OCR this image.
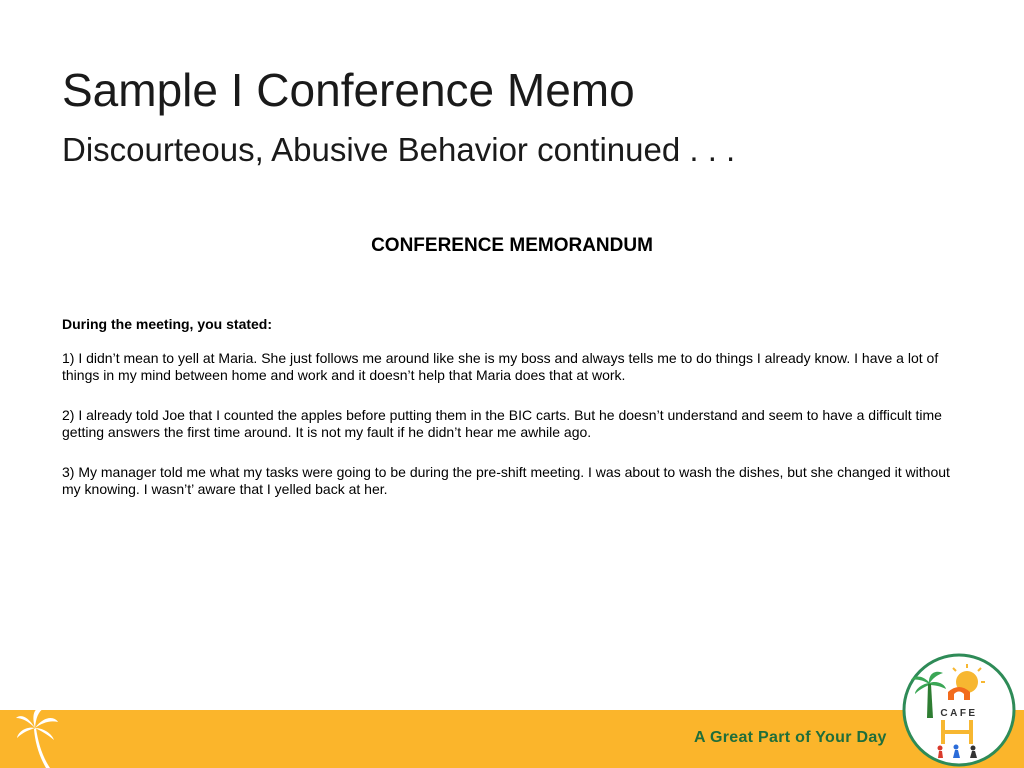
Sample I Conference Memo
Discourteous, Abusive Behavior continued . . .
CONFERENCE MEMORANDUM

During the meeting, you stated:

1) I didn’t mean to yell at Maria. She just follows me around like she is my boss and always tells me to do things I already know. I have a lot of things in my mind between home and work and it doesn’t help that Maria does that at work.

2) I already told Joe that I counted the apples before putting them in the BIC carts. But he doesn’t understand and seem to have a difficult time getting answers the first time around. It is not my fault if he didn’t hear me awhile ago.

3) My manager told me what my tasks were going to be during the pre-shift meeting. I was about to wash the dishes, but she changed it without my knowing. I wasn’t’ aware that I yelled back at her.

A Great Part of Your Day
CAFE
